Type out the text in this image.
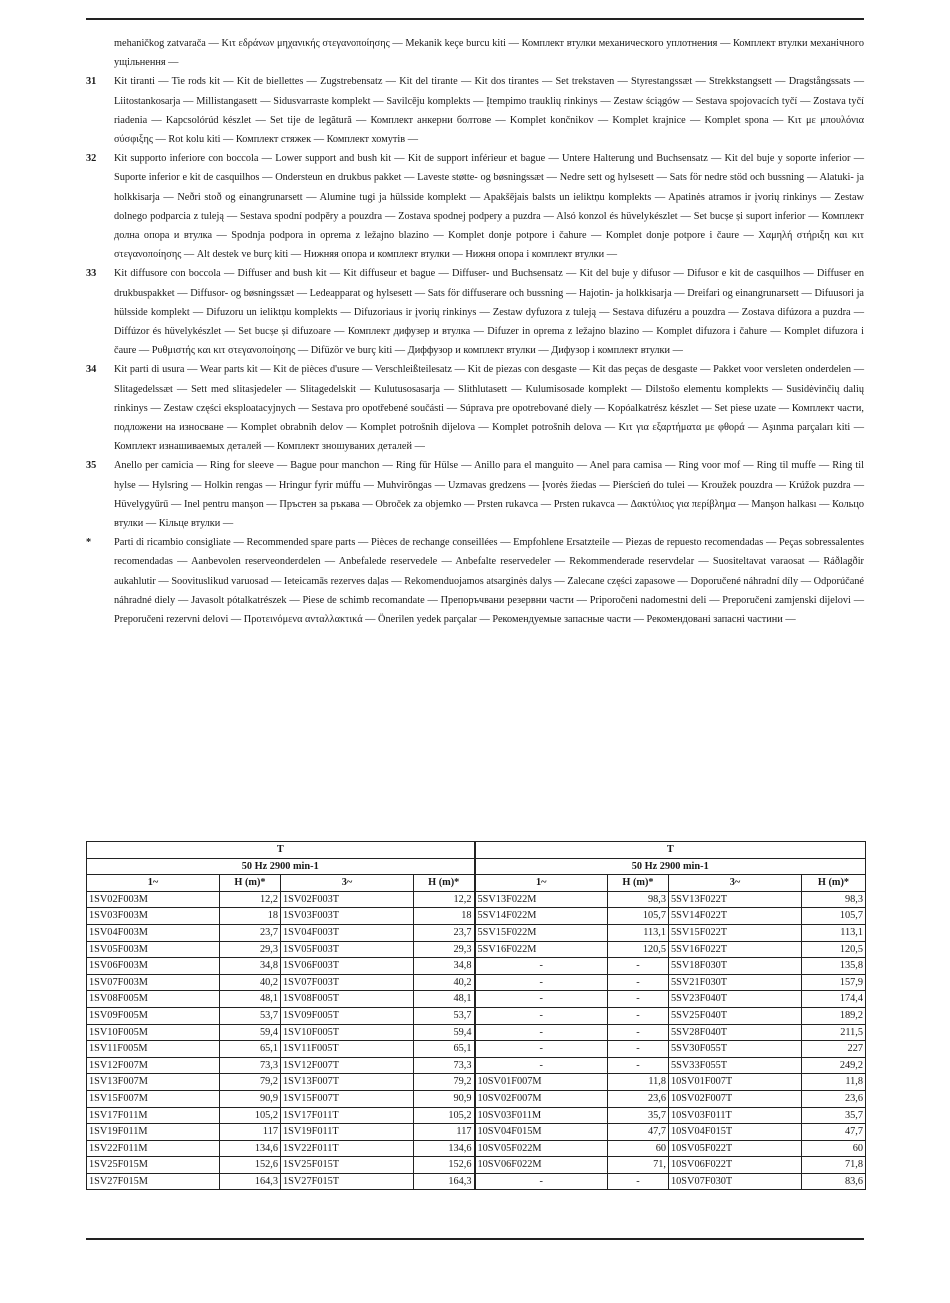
mehaničkog zatvarača — Κιτ εδράνων μηχανικής στεγανοποίησης — Mekanik keçe burcu kiti — Комплект втулки механического уплотнения — Комплект втулки механічного ущільнення —
31 Kit tiranti — Tie rods kit — Kit de biellettes — Zugstrebensatz — Kit del tirante — Kit dos tirantes — Set trekstaven — Styrestangssæt — Strekkstangsett — Dragstångssats — Liitostankosarja — Millistangasett — Sidusvarraste komplekt — Savilcēju komplekts — Įtempimo trauklių rinkinys — Zestaw ściągów — Sestava spojovacích tyčí — Zostava tyčí riadenia — Kapcsolórúd készlet — Set tije de legătură — Комплект анкерни болтове — Komplet končnikov — Komplet krajnice — Komplet spona — Κιτ με μπουλόνια σύσφιξης — Rot kolu kiti — Комплект стяжек — Комплект хомутів —
32 Kit supporto inferiore con boccola — Lower support and bush kit — Kit de support inférieur et bague — Untere Halterung und Buchsensatz — Kit del buje y soporte inferior — Suporte inferior e kit de casquilhos — Ondersteun en drukbus pakket — Laveste støtte- og bøsningssæt — Nedre sett og hylsesett — Sats för nedre stöd och bussning — Alatuki- ja holkkisarja — Neðri stoð og einangrunarsett — Alumine tugi ja hülsside komplekt — Apakšējais balsts un ieliktņu komplekts — Apatinės atramos ir įvorių rinkinys — Zestaw dolnego podparcia z tuleją — Sestava spodní podpěry a pouzdra — Zostava spodnej podpery a puzdra — Alsó konzol és hüvelykészlet — Set bucșe și suport inferior — Комплект долна опора и втулка — Spodnja podpora in oprema z ležajno blazino — Komplet donje potpore i čahure — Komplet donje potpore i čaure — Χαμηλή στήριξη και κιτ στεγανοποίησης — Alt destek ve burç kiti — Нижняя опора и комплект втулки — Нижня опора і комплект втулки —
33 Kit diffusore con boccola — Diffuser and bush kit — Kit diffuseur et bague — Diffuser- und Buchsensatz — Kit del buje y difusor — Difusor e kit de casquilhos — Diffuser en drukbuspakket — Diffusor- og bøsningssæt — Ledeapparat og hylsesett — Sats för diffuserare och bussning — Hajotin- ja holkkisarja — Dreifari og einangrunarsett — Difuusori ja hülsside komplekt — Difuzoru un ieliktņu komplekts — Difuzoriaus ir įvorių rinkinys — Zestaw dyfuzora z tuleją — Sestava difuzéru a pouzdra — Zostava difúzora a puzdra — Diffúzor és hüvelykészlet — Set bucșe și difuzoare — Комплект дифузер и втулка — Difuzer in oprema z ležajno blazino — Komplet difuzora i čahure — Komplet difuzora i čaure — Ρυθμιστής και κιτ στεγανοποίησης — Difüzör ve burç kiti — Диффузор и комплект втулки — Дифузор і комплект втулки —
34 Kit parti di usura — Wear parts kit — Kit de pièces d'usure — Verschleißteilesatz — Kit de piezas con desgaste — Kit das peças de desgaste — Pakket voor versleten onderdelen — Slitagedelssæt — Sett med slitasjedeler — Slitagedelskit — Kulutusosasarja — Slithlutasett — Kulumisosade komplekt — Dilstošo elementu komplekts — Susidėvinčių dalių rinkinys — Zestaw części eksploatacyjnych — Sestava pro opotřebené součásti — Súprava pre opotrebované diely — Kopóalkatrész készlet — Set piese uzate — Комплект части, подложени на износване — Komplet obrabnih delov — Komplet potrošnih dijelova — Komplet potrošnih delova — Κιτ για εξαρτήματα με φθορά — Aşınma parçaları kiti — Комплект изнашиваемых деталей — Комплект зношуваних деталей —
35 Anello per camicia — Ring for sleeve — Bague pour manchon — Ring für Hülse — Anillo para el manguito — Anel para camisa — Ring voor mof — Ring til muffe — Ring til hylse — Hylsring — Holkin rengas — Hringur fyrir múffu — Muhvirõngas — Uzmavas gredzens — Įvorės žiedas — Pierścień do tulei — Kroužek pouzdra — Krúžok puzdra — Hüvelygyűrű — Inel pentru manșon — Пръстен за ръкава — Obroček za objemko — Prsten rukavca — Prsten rukavca — Δακτύλιος για περίβλημα — Manşon halkası — Кольцо втулки — Кільце втулки —
* Parti di ricambio consigliate — Recommended spare parts — Pièces de rechange conseillées — Empfohlene Ersatzteile — Piezas de repuesto recomendadas — Peças sobressalentes recomendadas — Aanbevolen reserveonderdelen — Anbefalede reservedele — Anbefalte reservedeler — Rekommenderade reservdelar — Suositeltavat varaosat — Ráðlagðir aukahlutir — Soovituslikud varuosad — Ieteicamās rezerves daļas — Rekomenduojamos atsarginės dalys — Zalecane części zapasowe — Doporučené náhradní díly — Odporúčané náhradné diely — Javasolt pótalkatrészek — Piese de schimb recomandate — Препоръчвани резервни части — Priporočeni nadomestni deli — Preporučeni zamjenski dijelovi — Preporučeni rezervni delovi — Προτεινόμενα ανταλλακτικά — Önerilen yedek parçalar — Рекомендуемые запасные части — Рекомендовані запасні частини —
T				T			
50 Hz 2900 min-1				50 Hz 2900 min-1			
1~	H (m)*	3~	H (m)*	1~	H (m)*	3~	H (m)*
1SV02F003M	12,2	1SV02F003T	12,2	5SV13F022M	98,3	5SV13F022T	98,3
1SV03F003M	18	1SV03F003T	18	5SV14F022M	105,7	5SV14F022T	105,7
1SV04F003M	23,7	1SV04F003T	23,7	5SV15F022M	113,1	5SV15F022T	113,1
1SV05F003M	29,3	1SV05F003T	29,3	5SV16F022M	120,5	5SV16F022T	120,5
1SV06F003M	34,8	1SV06F003T	34,8	-	-	5SV18F030T	135,8
1SV07F003M	40,2	1SV07F003T	40,2	-	-	5SV21F030T	157,9
1SV08F005M	48,1	1SV08F005T	48,1	-	-	5SV23F040T	174,4
1SV09F005M	53,7	1SV09F005T	53,7	-	-	5SV25F040T	189,2
1SV10F005M	59,4	1SV10F005T	59,4	-	-	5SV28F040T	211,5
1SV11F005M	65,1	1SV11F005T	65,1	-	-	5SV30F055T	227
1SV12F007M	73,3	1SV12F007T	73,3	-	-	5SV33F055T	249,2
1SV13F007M	79,2	1SV13F007T	79,2	10SV01F007M	11,8	10SV01F007T	11,8
1SV15F007M	90,9	1SV15F007T	90,9	10SV02F007M	23,6	10SV02F007T	23,6
1SV17F011M	105,2	1SV17F011T	105,2	10SV03F011M	35,7	10SV03F011T	35,7
1SV19F011M	117	1SV19F011T	117	10SV04F015M	47,7	10SV04F015T	47,7
1SV22F011M	134,6	1SV22F011T	134,6	10SV05F022M	60	10SV05F022T	60
1SV25F015M	152,6	1SV25F015T	152,6	10SV06F022M	71,	10SV06F022T	71,8
1SV27F015M	164,3	1SV27F015T	164,3	-	-	10SV07F030T	83,6
